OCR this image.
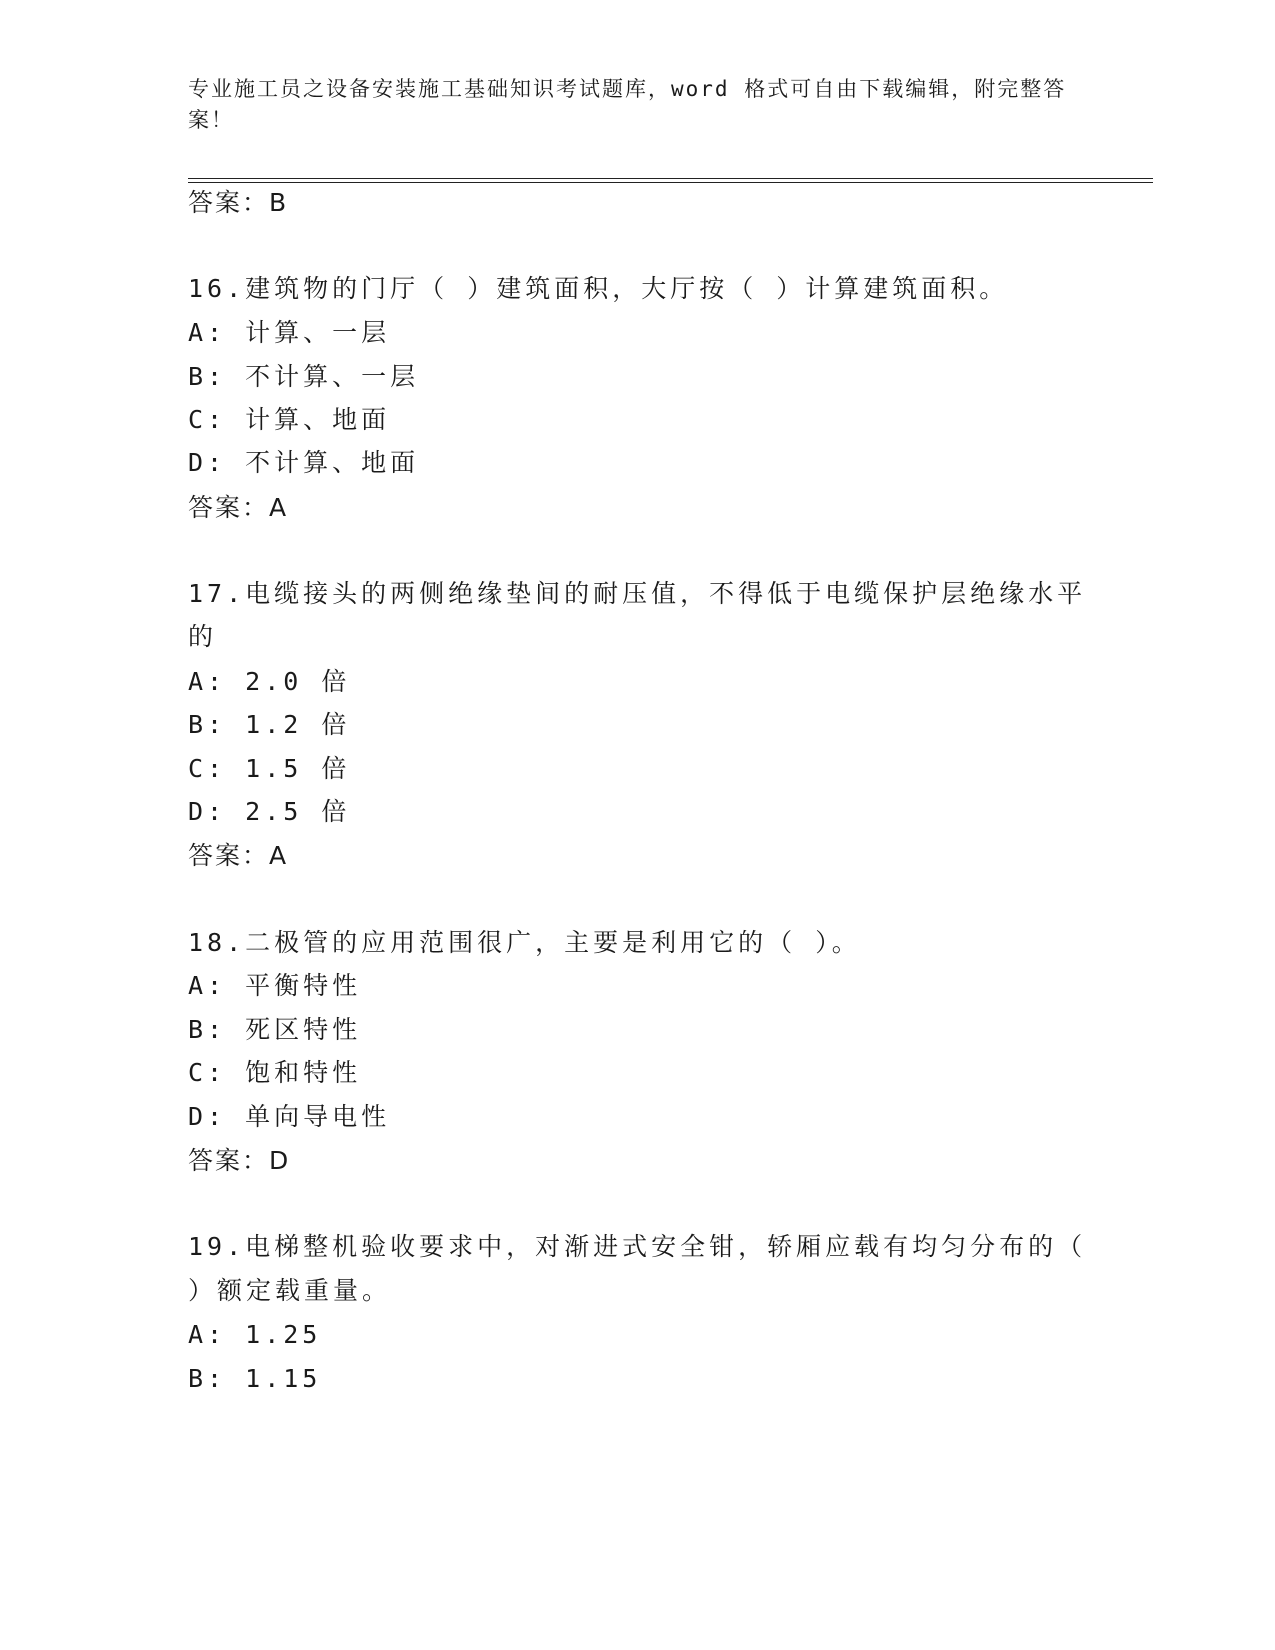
专业施工员之设备安装施工基础知识考试题库，word 格式可自由下载编辑，附完整答案！
答案：B
16.建筑物的门厅（ ）建筑面积，大厅按（ ）计算建筑面积。
A: 计算、一层
B: 不计算、一层
C: 计算、地面
D: 不计算、地面
答案：A
17.电缆接头的两侧绝缘垫间的耐压值，不得低于电缆保护层绝缘水平
的
A: 2.0 倍
B: 1.2 倍
C: 1.5 倍
D: 2.5 倍
答案：A
18.二极管的应用范围很广，主要是利用它的（ ）。
A: 平衡特性
B: 死区特性
C: 饱和特性
D: 单向导电性
答案：D
19.电梯整机验收要求中，对渐进式安全钳，轿厢应载有均匀分布的（
）额定载重量。
A: 1.25
B: 1.15
